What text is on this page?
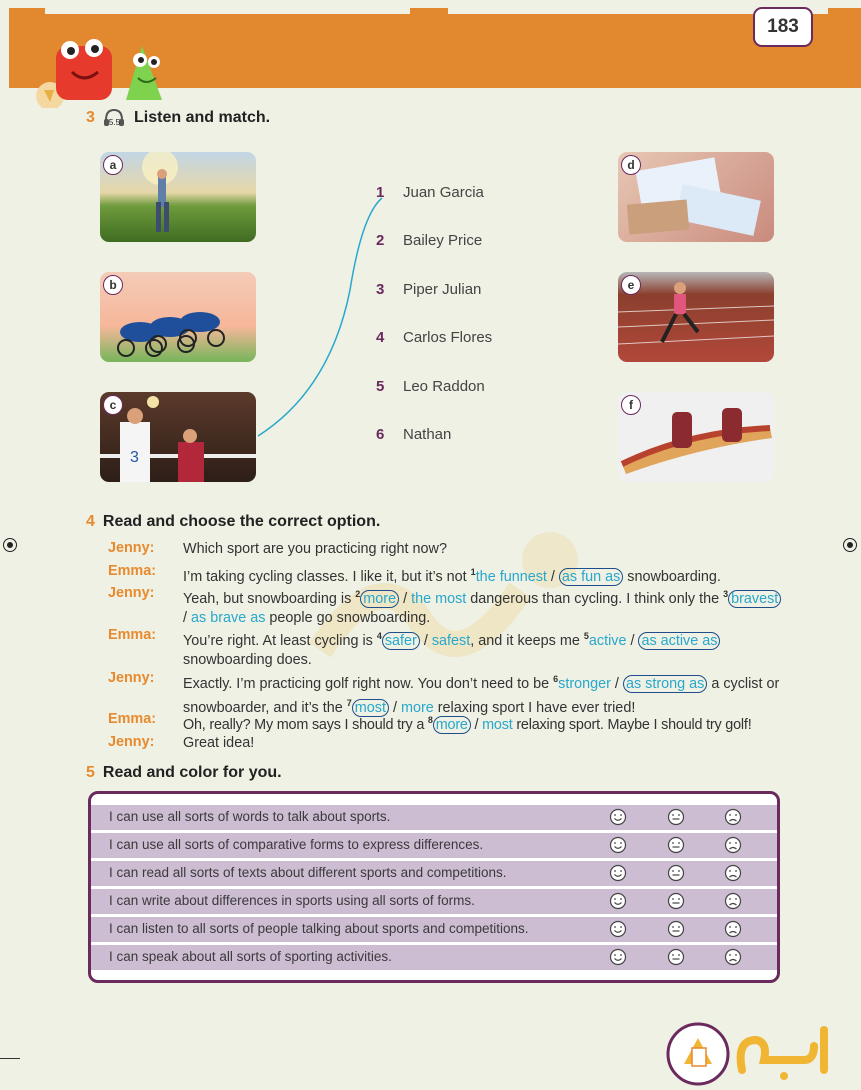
183
3 5.5 Listen and match.
3
a
b
c
d
e
f
1 Juan Garcia
2 Bailey Price
3 Piper Julian
4 Carlos Flores
5 Leo Raddon
6 Nathan
4 Read and choose the correct option.
Jenny: Which sport are you practicing right now?
Emma: I’m taking cycling classes. I like it, but it’s not $^1$the funnest / as fun as snowboarding.
Jenny: Yeah, but snowboarding is $^2$ more / the most dangerous than cycling. I think only the $^3$ bravest / as brave as people go snowboarding.
Emma: You’re right. At least cycling is $^4$ safer / safest, and it keeps me $^5$active / as active as snowboarding does.
Jenny: Exactly. I’m practicing golf right now. You don’t need to be $^6$stronger / as strong as a cyclist or snowboarder, and it’s the $^7$ most / more relaxing sport I have ever tried!
Emma: Oh, really? My mom says I should try a $^8$ more / most relaxing sport. Maybe I should try golf!
Jenny: Great idea!
5 Read and color for you.
I can use all sorts of words to talk about sports.
I can use all sorts of comparative forms to express differences.
I can read all sorts of texts about different sports and competitions.
I can write about differences in sports using all sorts of forms.
I can listen to all sorts of people talking about sports and competitions.
I can speak about all sorts of sporting activities.
